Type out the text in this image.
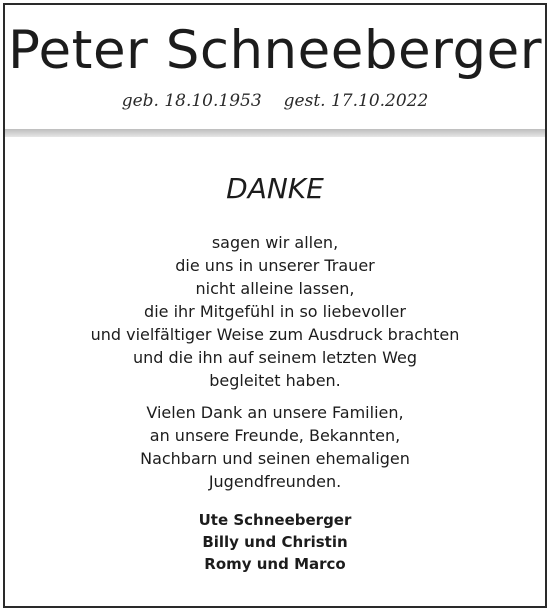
Peter Schneeberger
geb. 18.10.1953 gest. 17.10.2022
DANKE
sagen wir allen,
die uns in unserer Trauer
nicht alleine lassen,
die ihr Mitgefühl in so liebevoller
und vielfältiger Weise zum Ausdruck brachten
und die ihn auf seinem letzten Weg
begleitet haben.
Vielen Dank an unsere Familien,
an unsere Freunde, Bekannten,
Nachbarn und seinen ehemaligen
Jugendfreunden.
Ute Schneeberger
Billy und Christin
Romy und Marco
